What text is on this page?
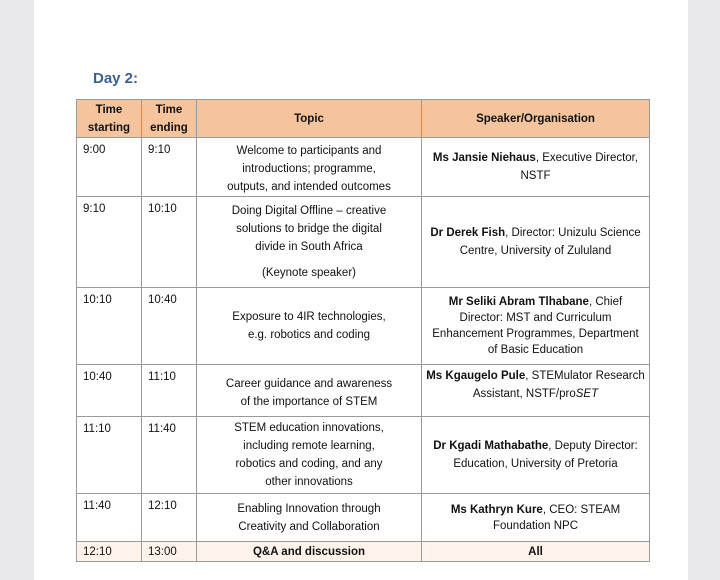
Day 2:
Time
starting	Time
ending	Topic	Speaker/Organisation
9:00	9:10	Welcome to participants and
introductions; programme,
outputs, and intended outcomes	Ms Jansie Niehaus, Executive Director,
NSTF
9:10	10:10	Doing Digital Offline – creative
solutions to bridge the digital
divide in South Africa
(Keynote speaker)	Dr Derek Fish, Director: Unizulu Science
Centre, University of Zululand
10:10	10:40	Exposure to 4IR technologies,
e.g. robotics and coding	Mr Seliki Abram Tlhabane, Chief
Director: MST and Curriculum
Enhancement Programmes, Department
of Basic Education
10:40	11:10	Career guidance and awareness
of the importance of STEM	Ms Kgaugelo Pule, STEMulator Research
Assistant, NSTF/proSET
11:10	11:40	STEM education innovations,
including remote learning,
robotics and coding, and any
other innovations	Dr Kgadi Mathabathe, Deputy Director:
Education, University of Pretoria
11:40	12:10	Enabling Innovation through
Creativity and Collaboration	Ms Kathryn Kure, CEO: STEAM
Foundation NPC
12:10	13:00	Q&A and discussion	All
